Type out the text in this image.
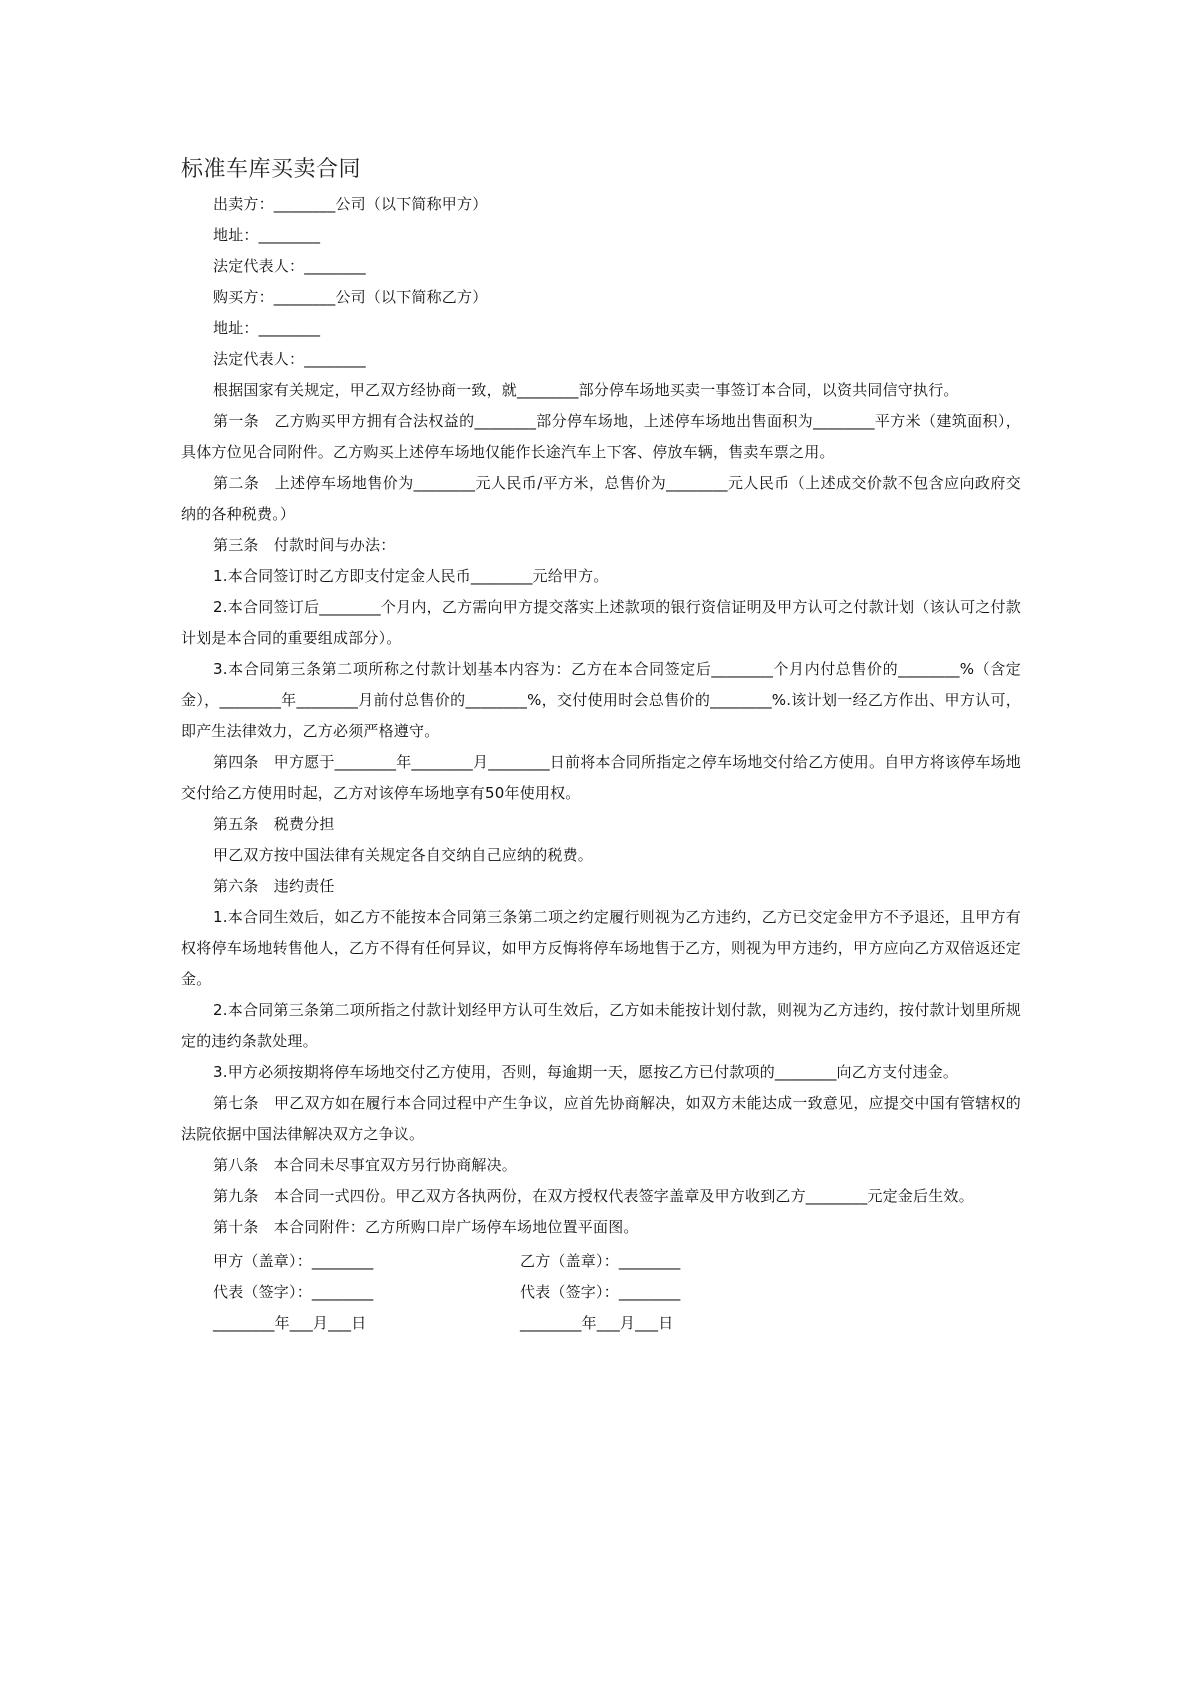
标准车库买卖合同

出卖方：________公司（以下简称甲方）

地址：________

法定代表人：________

购买方：________公司（以下简称乙方）

地址：________

法定代表人：________

根据国家有关规定，甲乙双方经协商一致，就________部分停车场地买卖一事签订本合同，以资共同信守执行。

第一条　乙方购买甲方拥有合法权益的________部分停车场地，上述停车场地出售面积为________平方米（建筑面积），具体方位见合同附件。乙方购买上述停车场地仅能作长途汽车上下客、停放车辆，售卖车票之用。

第二条　上述停车场地售价为________元人民币/平方米，总售价为________元人民币（上述成交价款不包含应向政府交纳的各种税费。）

第三条　付款时间与办法：

1.本合同签订时乙方即支付定金人民币________元给甲方。

2.本合同签订后________个月内，乙方需向甲方提交落实上述款项的银行资信证明及甲方认可之付款计划（该认可之付款计划是本合同的重要组成部分）。

3.本合同第三条第二项所称之付款计划基本内容为：乙方在本合同签定后________个月内付总售价的________%（含定金），________年________月前付总售价的________%，交付使用时会总售价的________%.该计划一经乙方作出、甲方认可，即产生法律效力，乙方必须严格遵守。

第四条　甲方愿于________年________月________日前将本合同所指定之停车场地交付给乙方使用。自甲方将该停车场地交付给乙方使用时起，乙方对该停车场地享有50年使用权。

第五条　税费分担

甲乙双方按中国法律有关规定各自交纳自己应纳的税费。

第六条　违约责任

1.本合同生效后，如乙方不能按本合同第三条第二项之约定履行则视为乙方违约，乙方已交定金甲方不予退还，且甲方有权将停车场地转售他人，乙方不得有任何异议，如甲方反悔将停车场地售于乙方，则视为甲方违约，甲方应向乙方双倍返还定金。

2.本合同第三条第二项所指之付款计划经甲方认可生效后，乙方如未能按计划付款，则视为乙方违约，按付款计划里所规定的违约条款处理。

3.甲方必须按期将停车场地交付乙方使用，否则，每逾期一天，愿按乙方已付款项的________向乙方支付违金。

第七条　甲乙双方如在履行本合同过程中产生争议，应首先协商解决，如双方未能达成一致意见，应提交中国有管辖权的法院依据中国法律解决双方之争议。

第八条　本合同未尽事宜双方另行协商解决。

第九条　本合同一式四份。甲乙双方各执两份，在双方授权代表签字盖章及甲方收到乙方________元定金后生效。

第十条　本合同附件：乙方所购口岸广场停车场地位置平面图。

甲方（盖章）：________	乙方（盖章）：________
代表（签字）：________	代表（签字）：________
________年___月___日	________年___月___日
